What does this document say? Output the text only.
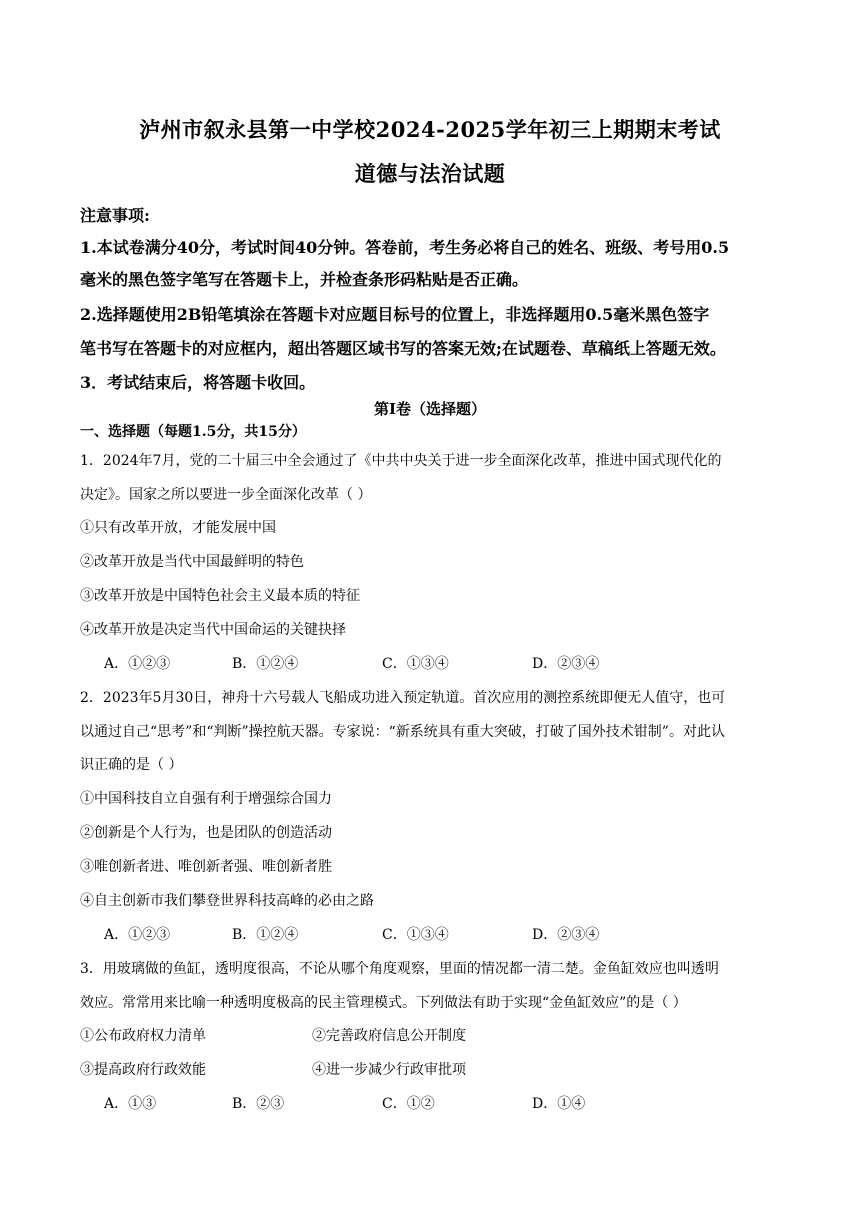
泸州市叙永县第一中学校2024-2025学年初三上期期末考试
道德与法治试题
注意事项:
1.本试卷满分40分，考试时间40分钟。答卷前，考生务必将自己的姓名、班级、考号用0.5
毫米的黑色签字笔写在答题卡上，并检查条形码粘贴是否正确。
2.选择题使用2B铅笔填涂在答题卡对应题目标号的位置上，非选择题用0.5毫米黑色签字
笔书写在答题卡的对应框内，超出答题区域书写的答案无效;在试题卷、草稿纸上答题无效。
3．考试结束后，将答题卡收回。
第Ⅰ卷（选择题）
一、选择题（每题1.5分，共15分）
1．2024年7月，党的二十届三中全会通过了《中共中央关于进一步全面深化改革，推进中国式现代化的
决定》。国家之所以要进一步全面深化改革（ ）
①只有改革开放，才能发展中国
②改革开放是当代中国最鲜明的特色
③改革开放是中国特色社会主义最本质的特征
④改革开放是决定当代中国命运的关键抉择
A．①②③	B．①②④	C．①③④	D．②③④
2．2023年5月30日，神舟十六号载人飞船成功进入预定轨道。首次应用的测控系统即便无人值守，也可
以通过自己“思考”和“判断”操控航天器。专家说：“新系统具有重大突破，打破了国外技术钳制”。对此认
识正确的是（ ）
①中国科技自立自强有利于增强综合国力
②创新是个人行为，也是团队的创造活动
③唯创新者进、唯创新者强、唯创新者胜
④自主创新市我们攀登世界科技高峰的必由之路
A．①②③	B．①②④	C．①③④	D．②③④
3．用玻璃做的鱼缸，透明度很高，不论从哪个角度观察，里面的情况都一清二楚。金鱼缸效应也叫透明
效应。常常用来比喻一种透明度极高的民主管理模式。下列做法有助于实现“金鱼缸效应”的是（ ）
①公布政府权力清单	②完善政府信息公开制度
③提高政府行政效能	④进一步减少行政审批项
A．①③	B．②③	C．①②	D．①④
